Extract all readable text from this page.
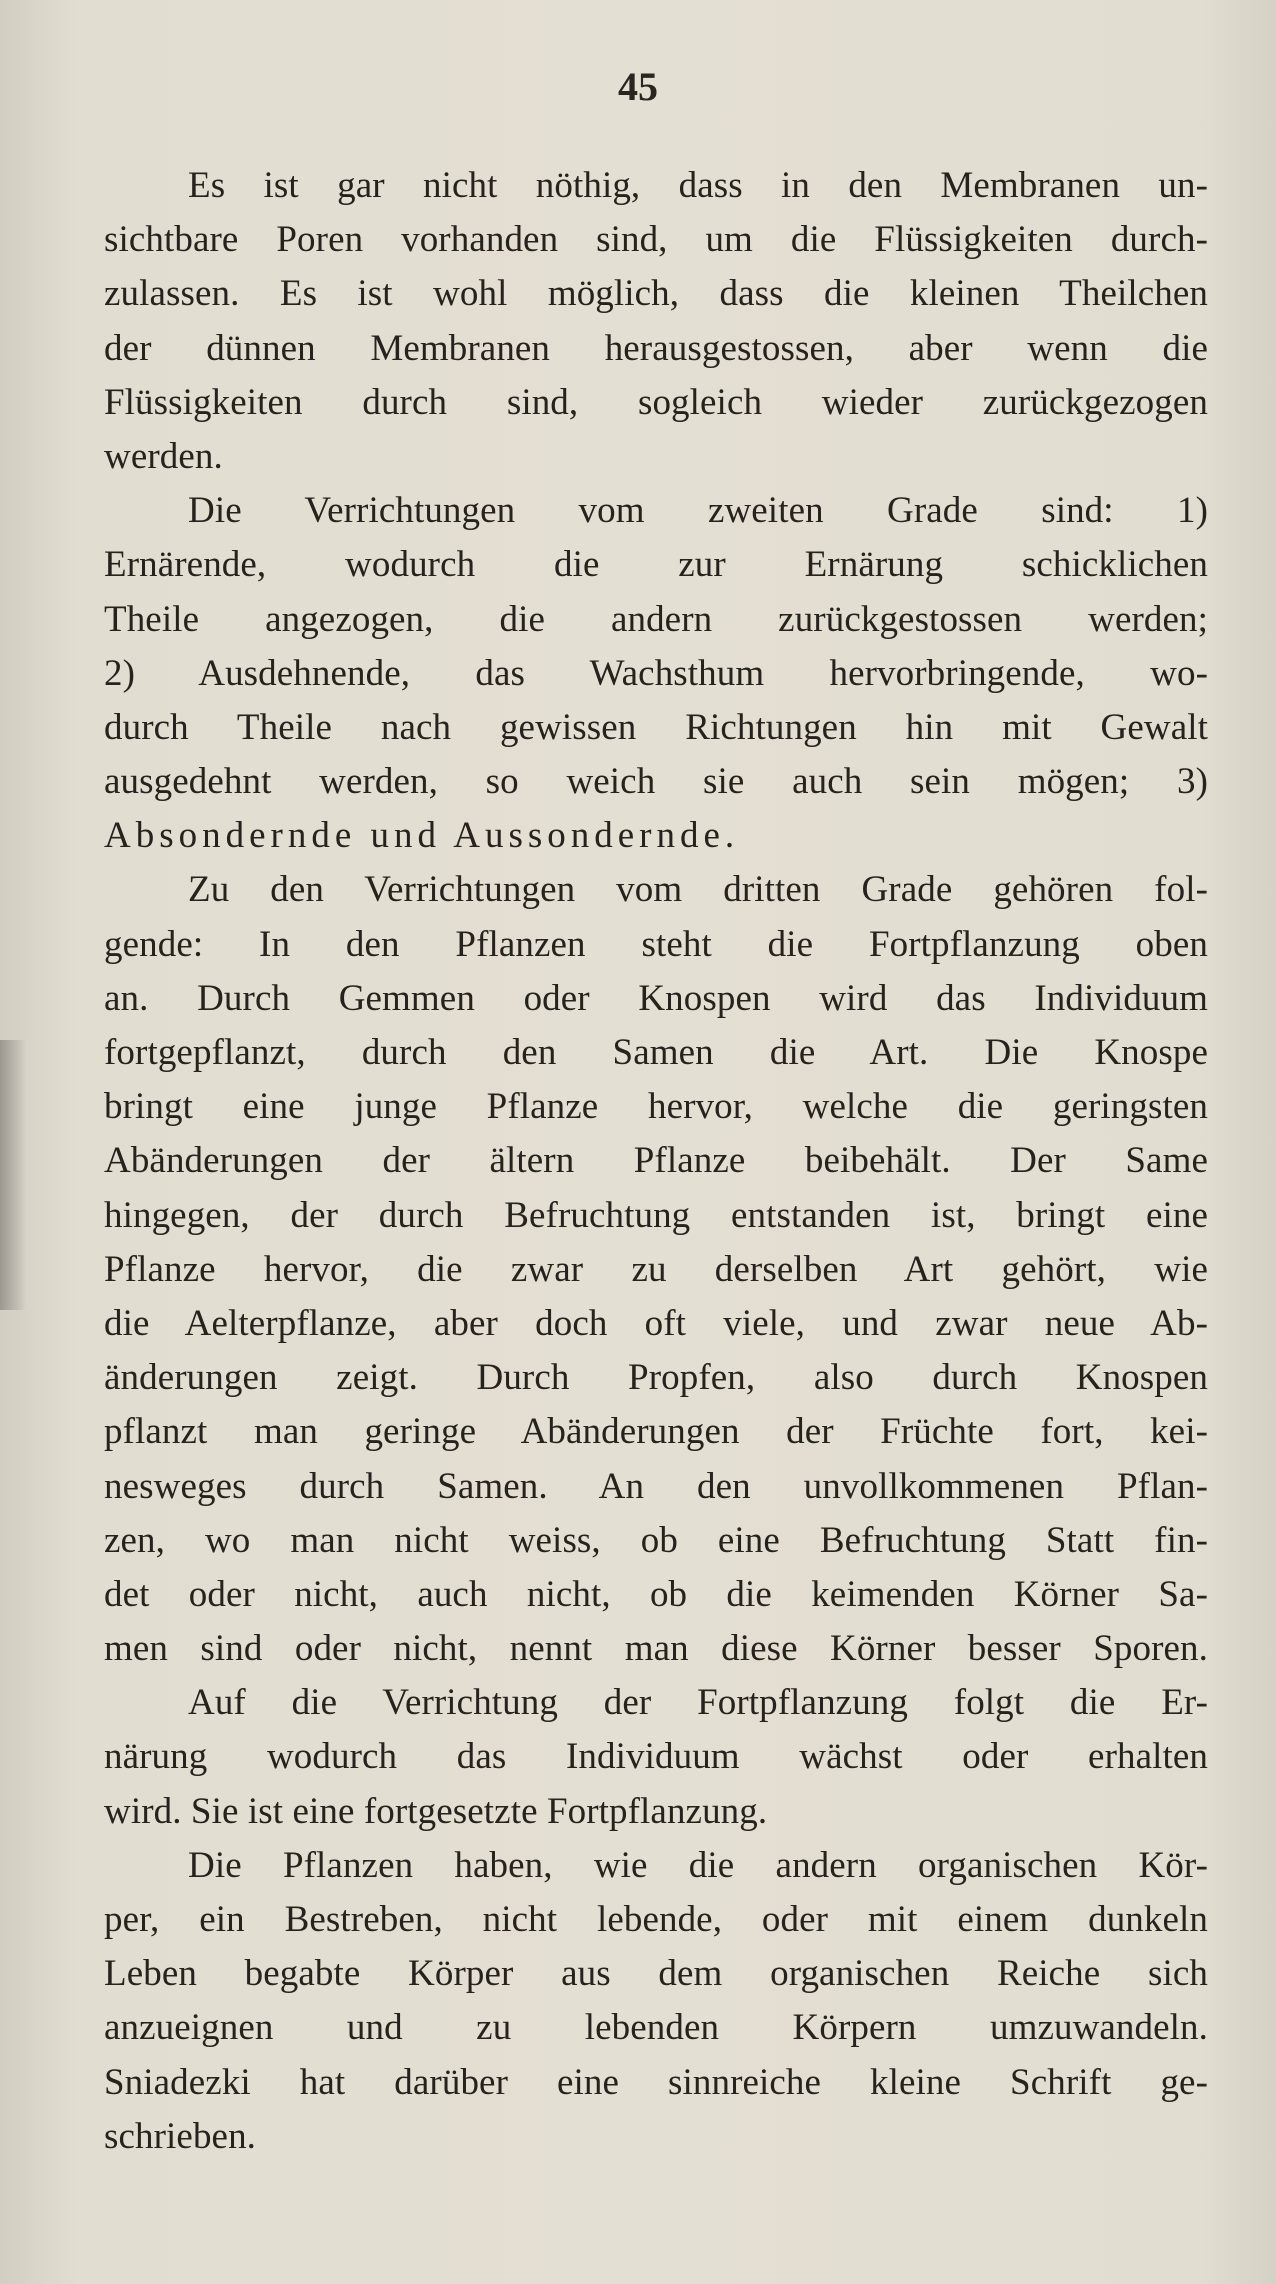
45
Es ist gar nicht nöthig, dass in den Membranen un-
sichtbare Poren vorhanden sind, um die Flüssigkeiten durch-
zulassen. Es ist wohl möglich, dass die kleinen Theilchen
der dünnen Membranen herausgestossen, aber wenn die
Flüssigkeiten durch sind, sogleich wieder zurückgezogen
werden.
Die Verrichtungen vom zweiten Grade sind: 1)
Ernärende, wodurch die zur Ernärung schicklichen
Theile angezogen, die andern zurückgestossen werden;
2) Ausdehnende, das Wachsthum hervorbringende, wo-
durch Theile nach gewissen Richtungen hin mit Gewalt
ausgedehnt werden, so weich sie auch sein mögen; 3)
Absondernde und Aussondernde.
Zu den Verrichtungen vom dritten Grade gehören fol-
gende: In den Pflanzen steht die Fortpflanzung oben
an. Durch Gemmen oder Knospen wird das Individuum
fortgepflanzt, durch den Samen die Art. Die Knospe
bringt eine junge Pflanze hervor, welche die geringsten
Abänderungen der ältern Pflanze beibehält. Der Same
hingegen, der durch Befruchtung entstanden ist, bringt eine
Pflanze hervor, die zwar zu derselben Art gehört, wie
die Aelterpflanze, aber doch oft viele, und zwar neue Ab-
änderungen zeigt. Durch Propfen, also durch Knospen
pflanzt man geringe Abänderungen der Früchte fort, kei-
nesweges durch Samen. An den unvollkommenen Pflan-
zen, wo man nicht weiss, ob eine Befruchtung Statt fin-
det oder nicht, auch nicht, ob die keimenden Körner Sa-
men sind oder nicht, nennt man diese Körner besser Sporen.
Auf die Verrichtung der Fortpflanzung folgt die Er-
närung wodurch das Individuum wächst oder erhalten
wird. Sie ist eine fortgesetzte Fortpflanzung.
Die Pflanzen haben, wie die andern organischen Kör-
per, ein Bestreben, nicht lebende, oder mit einem dunkeln
Leben begabte Körper aus dem organischen Reiche sich
anzueignen und zu lebenden Körpern umzuwandeln.
Sniadezki hat darüber eine sinnreiche kleine Schrift ge-
schrieben.
